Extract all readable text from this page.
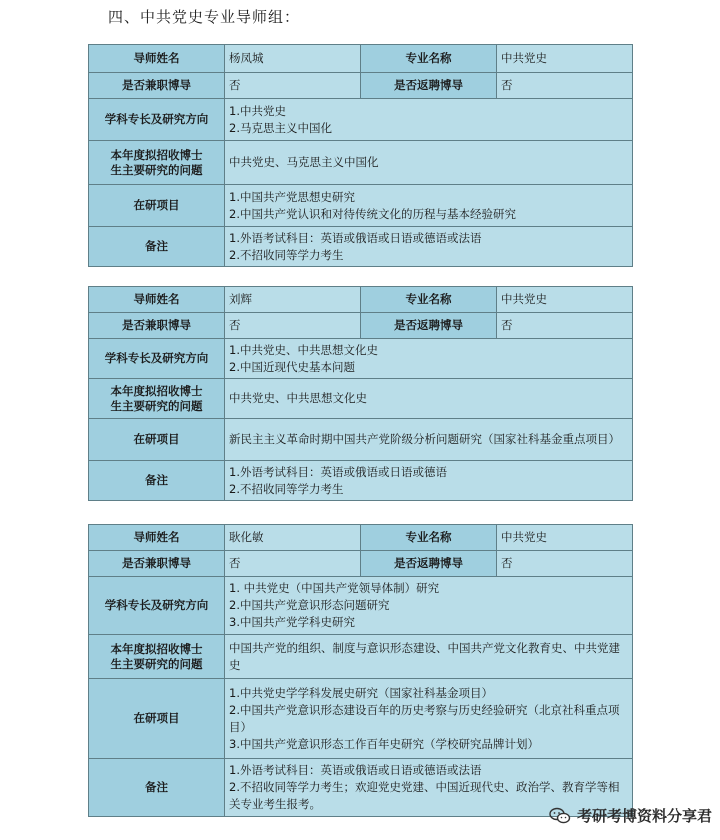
四、中共党史专业导师组：
导师姓名	杨凤城	专业名称	中共党史
是否兼职博导	否	是否返聘博导	否
学科专长及研究方向	1.中共党史
2.马克思主义中国化		

本年度拟招收博士
生主要研究的问题	中共党史、马克思主义中国化		

在研项目	1.中国共产党思想史研究
2.中国共产党认识和对待传统文化的历程与基本经验研究		

备注	1.外语考试科目：英语或俄语或日语或德语或法语
2.不招收同等学力考生		
导师姓名	刘辉	专业名称	中共党史
是否兼职博导	否	是否返聘博导	否
学科专长及研究方向	1.中共党史、中共思想文化史
2.中国近现代史基本问题		

本年度拟招收博士
生主要研究的问题	中共党史、中共思想文化史		

在研项目	新民主主义革命时期中国共产党阶级分析问题研究（国家社科基金重点项目）		

备注	1.外语考试科目：英语或俄语或日语或德语
2.不招收同等学力考生		
导师姓名	耿化敏	专业名称	中共党史
是否兼职博导	否	是否返聘博导	否
学科专长及研究方向	1. 中共党史（中国共产党领导体制）研究
2.中国共产党意识形态问题研究
3.中国共产党学科史研究		

本年度拟招收博士
生主要研究的问题	中国共产党的组织、制度与意识形态建设、中国共产党文化教育史、中共党建史		

在研项目	1.中共党史学学科发展史研究（国家社科基金项目）
2.中国共产党意识形态建设百年的历史考察与历史经验研究（北京社科重点项目）
3.中国共产党意识形态工作百年史研究（学校研究品牌计划）		

备注	1.外语考试科目：英语或俄语或日语或德语或法语
2.不招收同等学力考生；欢迎党史党建、中国近现代史、政治学、教育学等相关专业考生报考。		
考研考博资料分享君
